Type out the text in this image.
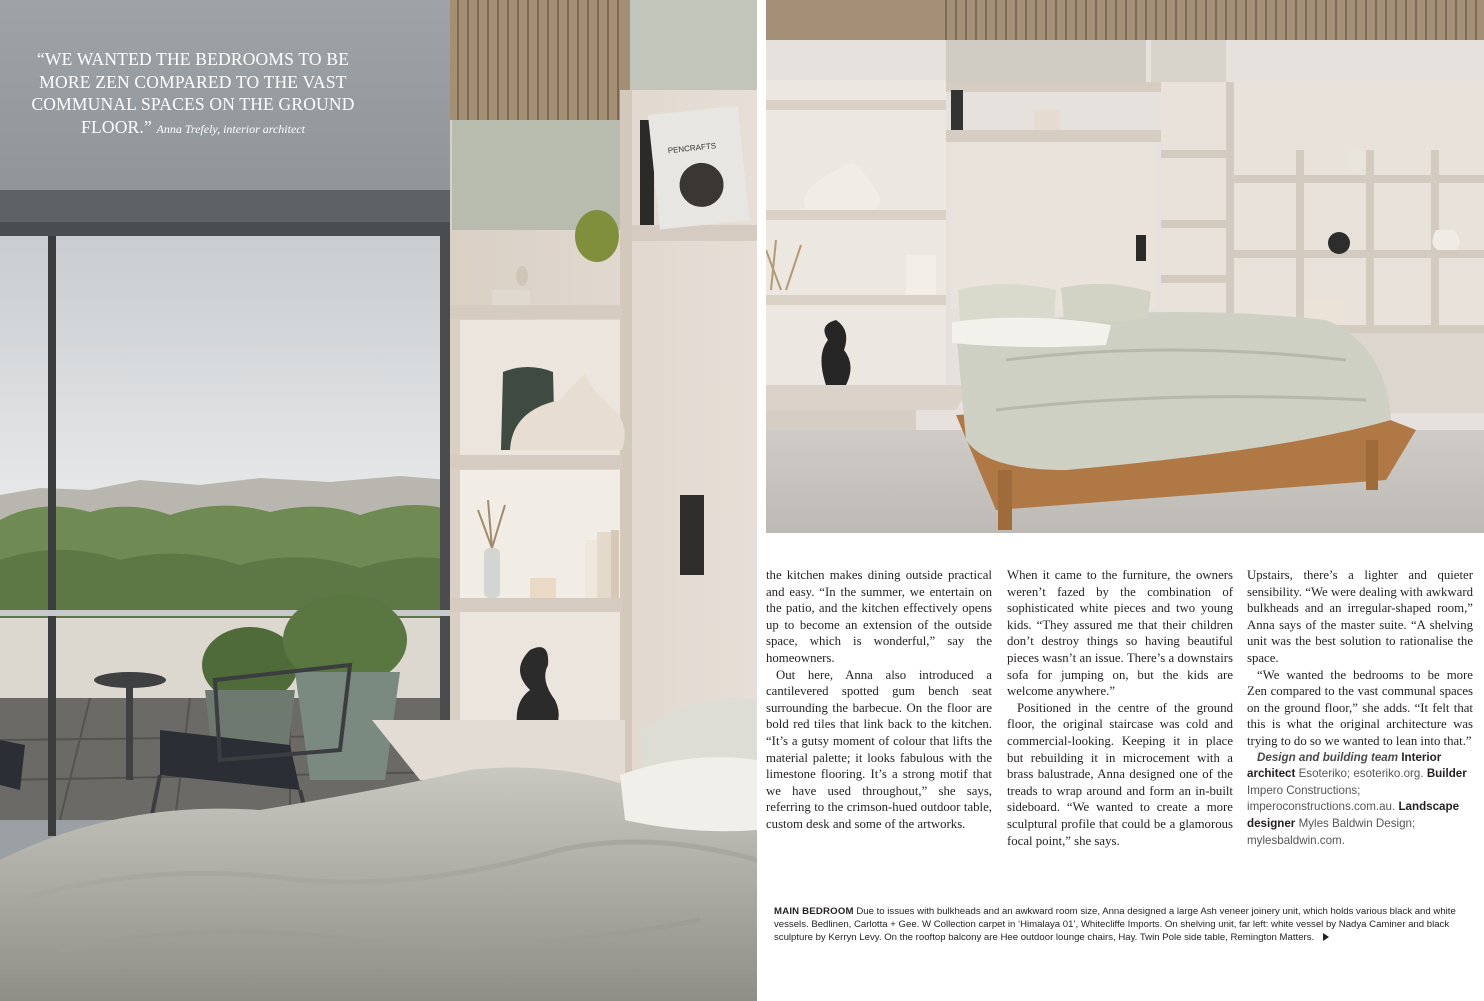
PENCRAFTS
“WE WANTED THE BEDROOMS TO BE MORE ZEN COMPARED TO THE VAST COMMUNAL SPACES ON THE GROUND FLOOR.” Anna Trefely, interior architect

the kitchen makes dining outside practical and easy. “In the summer, we entertain on the patio, and the kitchen effectively opens up to become an extension of the outside space, which is wonderful,” say the homeowners.

Out here, Anna also introduced a cantilevered spotted gum bench seat surrounding the barbecue. On the floor are bold red tiles that link back to the kitchen. “It’s a gutsy moment of colour that lifts the material palette; it looks fabulous with the limestone flooring. It’s a strong motif that we have used throughout,” she says, referring to the crimson-hued outdoor table, custom desk and some of the artworks.

When it came to the furniture, the owners weren’t fazed by the combination of sophisticated white pieces and two young kids. “They assured me that their children don’t destroy things so having beautiful pieces wasn’t an issue. There’s a downstairs sofa for jumping on, but the kids are welcome anywhere.”

Positioned in the centre of the ground floor, the original staircase was cold and commercial-looking. Keeping it in place but rebuilding it in microcement with a brass balustrade, Anna designed one of the treads to wrap around and form an in-built sideboard. “We wanted to create a more sculptural profile that could be a glamorous focal point,” she says.

Upstairs, there’s a lighter and quieter sensibility. “We were dealing with awkward bulkheads and an irregular-shaped room,” Anna says of the master suite. “A shelving unit was the best solution to rationalise the space.

“We wanted the bedrooms to be more Zen compared to the vast communal spaces on the ground floor,” she adds. “It felt that this is what the original architecture was trying to do so we wanted to lean into that.”

Design and building team Interior architect Esoteriko; esoteriko.org. Builder Impero Constructions; imperoconstructions.com.au. Landscape designer Myles Baldwin Design; mylesbaldwin.com.

MAIN BEDROOM Due to issues with bulkheads and an awkward room size, Anna designed a large Ash veneer joinery unit, which holds various black and white vessels. Bedlinen, Carlotta + Gee. W Collection carpet in ‘Himalaya 01’, Whitecliffe Imports. On shelving unit, far left: white vessel by Nadya Caminer and black sculpture by Kerryn Levy. On the rooftop balcony are Hee outdoor lounge chairs, Hay. Twin Pole side table, Remington Matters.
